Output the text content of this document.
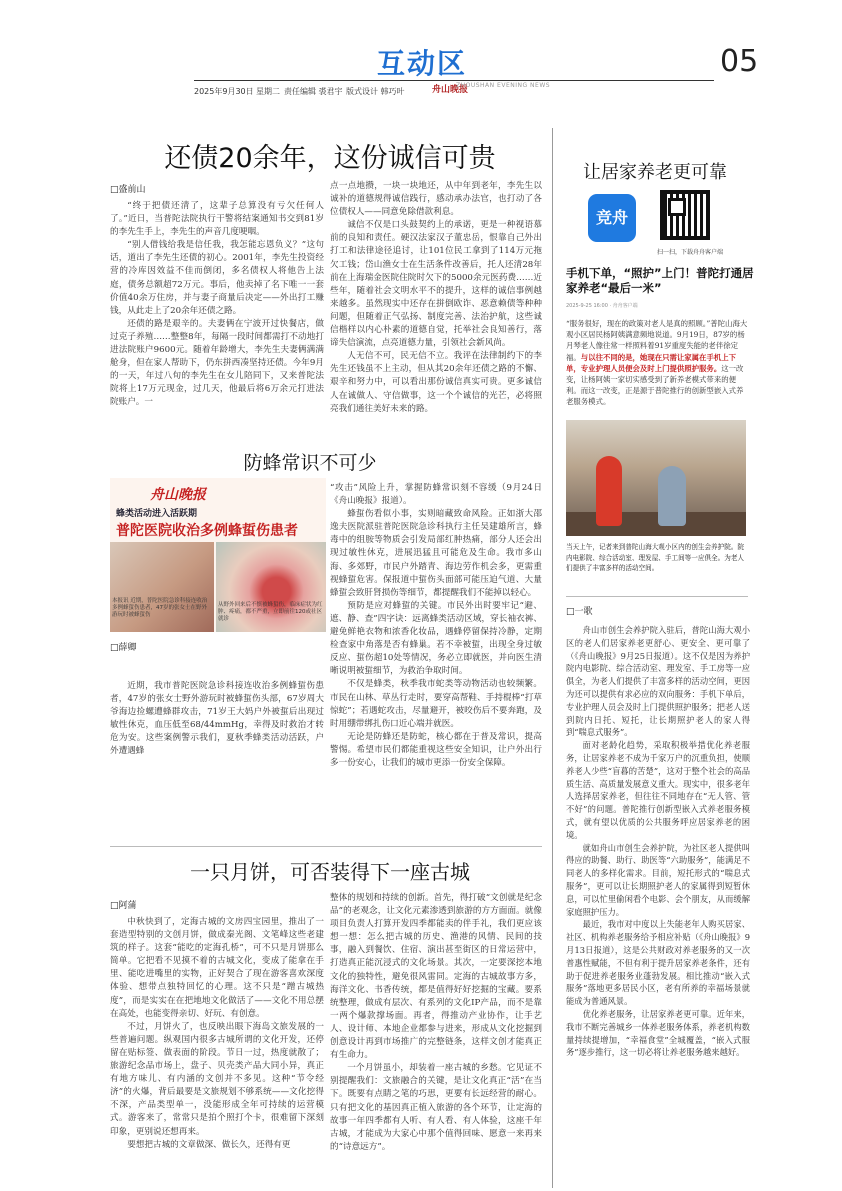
互动区	05
2025年9月30日 星期二 责任编辑 裘君宇 版式设计 韩巧叶	舟山晚报
ZHOUSHAN EVENING NEWS
还债20余年，这份诚信可贵
□盛前山

“终于把债还清了，这辈子总算没有亏欠任何人了。”近日，当普陀法院执行干警将结案通知书交到81岁的李先生手上，李先生的声音几度哽咽。

“别人借钱给我是信任我，我怎能忘恩负义？”这句话，道出了李先生还债的初心。2001年，李先生投资经营的冷库因效益不佳而倒闭，多名债权人将他告上法庭，债务总额超72万元。事后，他卖掉了名下唯一一套价值40余万住房，并与妻子商量后决定——外出打工赚钱，从此走上了20余年还债之路。

还债的路是艰辛的。夫妻俩在宁波开过快餐店，做过克子养殖……整整8年，每隔一段时间都需打不动地打进法院账户9600元。随着年龄增大，李先生夫妻俩满满舱身，但在家人帮助下，仍东拼西凑坚持还债。今年9月的一天，年过八旬的李先生在女儿陪同下，又来普陀法院将上17万元现金，过几天，他最后将6万余元打进法院账户。一

点一点地攒，一块一块地还，从中年到老年，李先生以诚补的道德规得诚信践行，感动承办法官，也打动了各位债权人——同意免除借款利息。

诚信不仅是口头鼓契约上的承诺，更是一种视语慕前的良知和责任。硬汉法家汉子董忠岳，恨靠自己外出打工和法律途径追讨，让101位民工拿到了114万元拖欠工钱；岱山渔女士在生活条件改善后，托人还清28年前在上海瑞金医院住院时欠下的5000余元医药费……近些年，随着社会文明水平不的提升，这样的诚信事例越来越多。虽然现实中还存在拼倒欧诈、恶意赖债等种种问题，但随着正气弘扬、制度完善、法治护航，这些诚信楷样以内心朴素的道德自觉，托举社会良知善行，落谛失信演流，点亮道德力量，引领社会新风尚。

人无信不可，民无信不立。我评在法律制约下的李先生还钱虽不上主动，但从其20余年还债之路的不懈、艰辛和努力中，可以看出那份诚信真实可贵。更多诚信人在诚做人、守信做事，这一个个诚信的光芒，必将照亮我们通往美好未来的路。

防蜂常识不可少
舟山晚报
蜂类活动进入活跃期
普陀医院收治多例蜂蜇伤患者
本报讯 近期，普陀医院急诊科接连收治多例蜂蜇伤患者，47岁的张女士在野外游玩时被蜂蜇伤
从野外回来后不慎被蜂蜇伤，临床症状为红肿、疼痛，都不严重，立即前往120或社区就诊
□薛卿

近期，我市普陀医院急诊科接连收治多例蜂蜇伤患者，47岁的张女士野外游玩时被蜂蜇伤头部，67岁周大爷海边捡螺遭蜂群攻击，71岁王大妈户外被蜇后出现过敏性休克，血压低至68/44mmHg，幸得及时救治才转危为安。这些案例警示我们，夏秋季蜂类活动活跃，户外遭遇蜂

“攻击”风险上升，掌握防蜂常识刻不容缓（9月24日《舟山晚报》报道）。

蜂蜇伤看似小事，实则暗藏致命风险。正如浙大邵逸夫医院派驻普陀医院急诊科执行主任吴建雄所言，蜂毒中的组胺等物质会引发局部红肿热痛，部分人还会出现过敏性休克，进展迅猛且可能危及生命。我市多山海、多郊野，市民户外踏青、海边劳作机会多，更需重视蜂蜇危害。保报道中蜇伤头面部可能压迫气道、大量蜂蜇会致肝肾损伤等细节，都提醒我们不能掉以轻心。

预防是应对蜂蜇的关键。市民外出时要牢记“避、遮、静、查”四字诀：远离蜂类活动区域，穿长袖衣裤、避免鲜艳衣物和浓香化妆品，遇蜂停留保持冷静，定期检查家中角落是否有蜂巢。若不幸被蜇，出现全身过敏反应、蜇伤超10处等情况，务必立即就医，并向医生清晰说明被蜇细节，为救治争取时间。

不仅是蜂类，秋季我市蛇类等动物活动也较频繁。市民在山林、草丛行走时，要穿高帮鞋、手持棍棒“打草惊蛇”；若遇蛇攻击，尽量避开，被咬伤后不要奔跑，及时用绷带绑扎伤口近心端并就医。

无论是防蜂还是防蛇，核心都在于普及常识，提高警惕。希望市民们都能重视这些安全知识，让户外出行多一份安心，让我们的城市更添一份安全保障。

一只月饼，可否装得下一座古城
□阿蒲

中秋快到了，定海古城的文房四宝园里，推出了一套造型特别的文创月饼，做成秦光阁、文笔峰这些老建筑的样子。这套“能吃的定海孔桥”，可不只是月饼那么简单。它把看不见摸不着的古城文化，变成了能拿在手里、能吃进嘴里的实物，正好契合了现在游客喜欢深度体验、想带点独特回忆的心理。这不只是“蹭古城热度”，而是实实在在把地地文化做活了——文化不用总摆在高处，也能变得亲切、好玩、有创意。

不过，月饼火了，也反映出眼下海岛文旅发展的一些普遍问题。纵观国内很多古城所谓的文化开发，还停留在贴标签、做表面的阶段。节日一过，热度就散了；旅游纪念品市场上，盘子、贝壳类产品大同小异，真正有地方味儿、有内涵的文创并不多见。这种“节令经济”的火爆，背后最要是文旅规划不够系统——文化挖得不深，产品类型单一，没能形成全年可持续的运营模式。游客来了，常常只是拍个照打个卡，很难留下深刻印象，更别说还想再来。

要想把古城的文章做深、做长久，还得有更

整体的规划和持续的创新。首先，得打破“文创就是纪念品”的老观念，让文化元素渗透到旅游的方方面面。就像项目负责人打算开发四季都能卖的伴手礼，我们更应该想一想：怎么把古城的历史、渔港的风情、民间的技事，融入到餐饮、住宿、演出甚至街区的日常运营中，打造真正能沉浸式的文化场景。其次，一定要深挖本地文化的独特性，避免很风雷同。定海的古城故事方多，海洋文化、书香传统，都是值得好好挖掘的宝藏。要系统整理，做成有层次、有系列的文化IP产品，而不是靠一两个爆款撑场面。再者，得推动产业协作，让手艺人、设计师、本地企业都参与进来，形成从文化挖掘到创意设计再到市场推广的完整链条，这样文创才能真正有生命力。

一个月饼虽小，却装着一座古城的乡愁。它见证不别提醒我们：文旅融合的关键，是让文化真正“活”在当下。既要有点睛之笔的巧思，更要有长远经营的耐心。只有把文化的基因真正植入旅游的各个环节，让定海的故事一年四季都有人听、有人看、有人体验，这座千年古城，才能成为大家心中那个值得回味、愿意一来再来的“诗意远方”。

让居家养老更可靠
竞舟
扫一扫，下载舟舟客户端
手机下单，“照护”上门！普陀打通居家养老“最后一米”
2025-9-25 16:00 · 舟舟客户端
“服务很好，现在的政策对老人是真的照顾。”普陀山海大观小区居民杨阿姨满意频地说道。9月19日，87岁的杨月琴老人像往常一样照料着91岁重度失能的老伴徐定福。与以往不同的是，她现在只需让家属在手机上下单，专业护理人员便会及时上门提供照护服务。这一改变，让杨阿姨一家切实感受到了新养老模式带来的便利。而这一改变，正是源于普陀推行的创新型嵌入式养老服务模式。
当天上午，记者来到普陀山海大观小区内的创生会养护院。院内电影院、综合活动室、理发屋、手工间等一应俱全。为老人们提供了丰富多样的活动空间。
□一歌

舟山市创生会养护院入驻后，普陀山海大观小区的老人们居家养老更舒心、更安全、更可靠了（《舟山晚报》9月25日报道）。这不仅是因为养护院内电影院、综合活动室、理发室、手工房等一应俱全，为老人们提供了丰富多样的活动空间，更因为还可以提供有求必应的双向服务：手机下单后，专业护理人员会及时上门提供照护服务；把老人送到院内日托、短托，让长期照护老人的家人得到“喘息式服务”。

面对老龄化趋势，采取积极举措优化养老服务，让居家养老不成为千家万户的沉重负担，使顺养老人少些“盲暮的苦楚”，这对于整个社会的高品质生活、高质量发展意义重大。现实中，很多老年人选择居家养老，但往往不同地存在“无人管、管不好”的问题。普陀推行创新型嵌入式养老服务模式，就有望以优质的公共服务呼应居家养老的困境。

就如舟山市创生会养护院，为社区老人提供叫得应的助餐、助行、助医等“六助服务”，能满足不同老人的多样化需求。目前，短托形式的“喘息式服务”，更可以让长期照护老人的家属得到短暂休息，可以忙里偷闲看个电影、会个朋友，从而缓解家庭照护压力。

最近，我市对中度以上失能老年人购买居家、社区、机构养老服务给予相应补贴（《舟山晚报》9月13日报道），这是公共财政对养老服务的又一次普惠性赋能，不但有利于提升居家养老条件，还有助于促进养老服务业蓬勃发展。相比推动“嵌入式服务”落地更多居民小区，老有所养的幸福场景就能成为普通风景。

优化养老服务，让居家养老更可靠。近年来，我市不断完善城乡一体养老服务体系，养老机构数量持续提增加，“幸福食堂”全城覆盖，“嵌入式服务”逐步推行，这一切必将让养老服务越来越好。
